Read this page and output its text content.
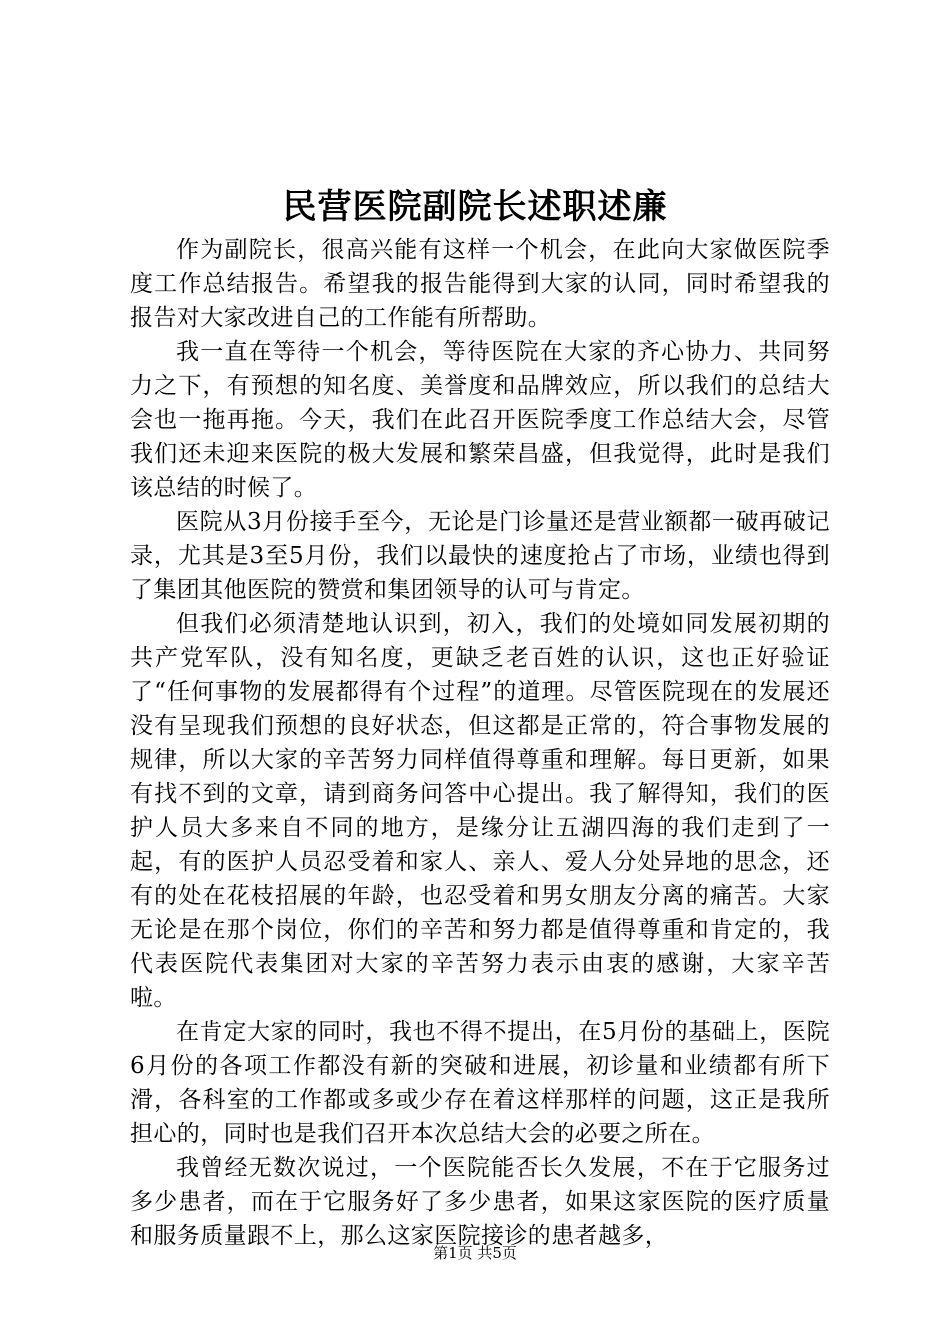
民营医院副院长述职述廉

作为副院长，很高兴能有这样一个机会，在此向大家做医院季度工作总结报告。希望我的报告能得到大家的认同，同时希望我的报告对大家改进自己的工作能有所帮助。

我一直在等待一个机会，等待医院在大家的齐心协力、共同努力之下，有预想的知名度、美誉度和品牌效应，所以我们的总结大会也一拖再拖。今天，我们在此召开医院季度工作总结大会，尽管我们还未迎来医院的极大发展和繁荣昌盛，但我觉得，此时是我们该总结的时候了。

医院从3月份接手至今，无论是门诊量还是营业额都一破再破记录，尤其是3至5月份，我们以最快的速度抢占了市场，业绩也得到了集团其他医院的赞赏和集团领导的认可与肯定。

但我们必须清楚地认识到，初入，我们的处境如同发展初期的共产党军队，没有知名度，更缺乏老百姓的认识，这也正好验证了“任何事物的发展都得有个过程”的道理。尽管医院现在的发展还没有呈现我们预想的良好状态，但这都是正常的，符合事物发展的规律，所以大家的辛苦努力同样值得尊重和理解。每日更新，如果有找不到的文章，请到商务问答中心提出。我了解得知，我们的医护人员大多来自不同的地方，是缘分让五湖四海的我们走到了一起，有的医护人员忍受着和家人、亲人、爱人分处异地的思念，还有的处在花枝招展的年龄，也忍受着和男女朋友分离的痛苦。大家无论是在那个岗位，你们的辛苦和努力都是值得尊重和肯定的，我代表医院代表集团对大家的辛苦努力表示由衷的感谢，大家辛苦啦。

在肯定大家的同时，我也不得不提出，在5月份的基础上，医院6月份的各项工作都没有新的突破和进展，初诊量和业绩都有所下滑，各科室的工作都或多或少存在着这样那样的问题，这正是我所担心的，同时也是我们召开本次总结大会的必要之所在。

我曾经无数次说过，一个医院能否长久发展，不在于它服务过多少患者，而在于它服务好了多少患者，如果这家医院的医疗质量和服务质量跟不上，那么这家医院接诊的患者越多，

第1页 共5页
